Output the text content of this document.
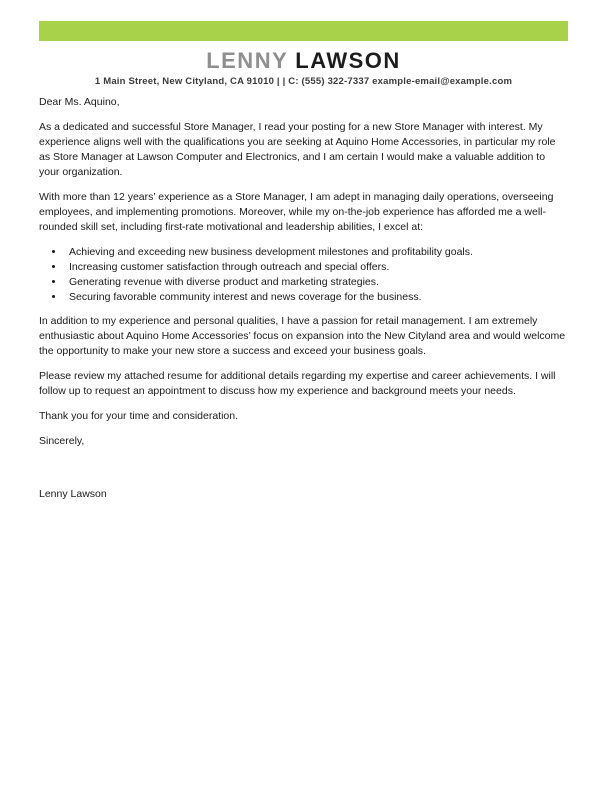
LENNY LAWSON
1 Main Street, New Cityland, CA 91010 | | C: (555) 322-7337 example-email@example.com

Dear Ms. Aquino,

As a dedicated and successful Store Manager, I read your posting for a new Store Manager with interest. My experience aligns well with the qualifications you are seeking at Aquino Home Accessories, in particular my role as Store Manager at Lawson Computer and Electronics, and I am certain I would make a valuable addition to your organization.

With more than 12 years’ experience as a Store Manager, I am adept in managing daily operations, overseeing employees, and implementing promotions. Moreover, while my on-the-job experience has afforded me a well-rounded skill set, including first-rate motivational and leadership abilities, I excel at:

• Achieving and exceeding new business development milestones and profitability goals.
• Increasing customer satisfaction through outreach and special offers.
• Generating revenue with diverse product and marketing strategies.
• Securing favorable community interest and news coverage for the business.

In addition to my experience and personal qualities, I have a passion for retail management. I am extremely enthusiastic about Aquino Home Accessories’ focus on expansion into the New Cityland area and would welcome the opportunity to make your new store a success and exceed your business goals.

Please review my attached resume for additional details regarding my expertise and career achievements. I will follow up to request an appointment to discuss how my experience and background meets your needs.

Thank you for your time and consideration.

Sincerely,

Lenny Lawson
